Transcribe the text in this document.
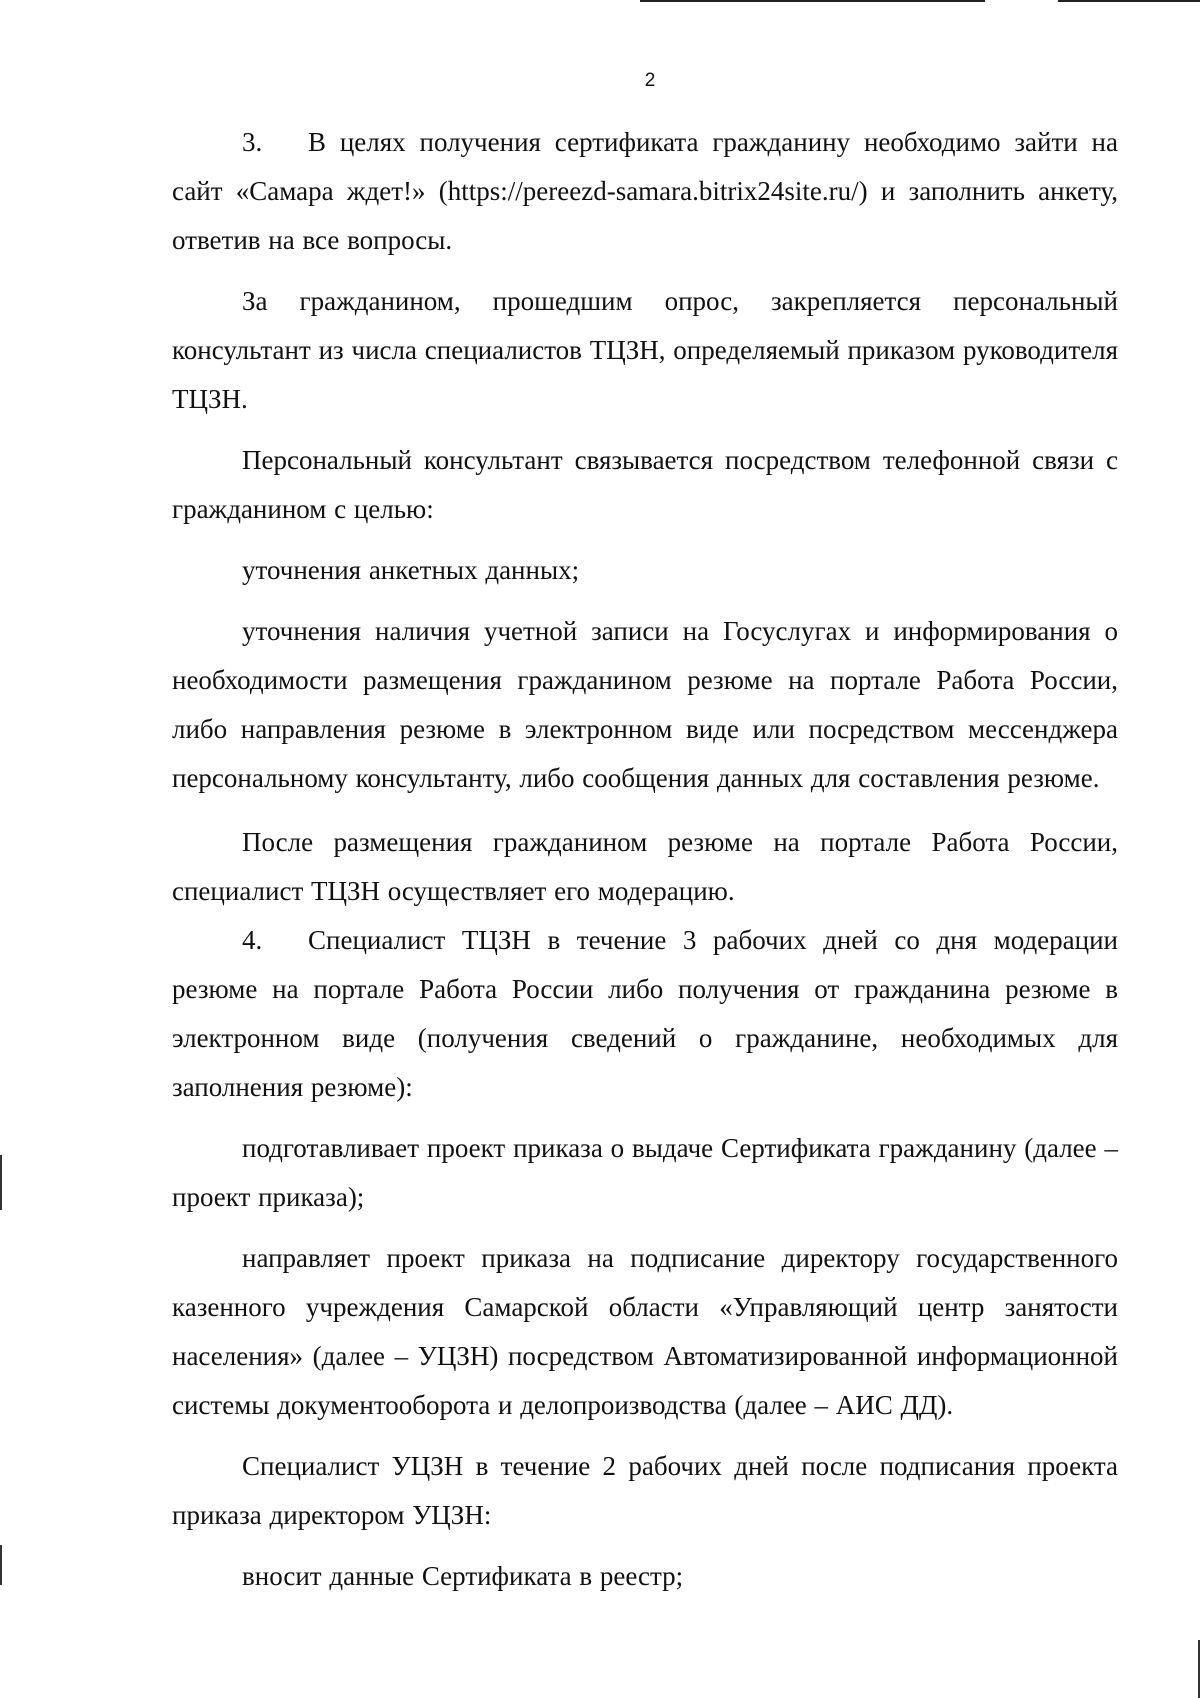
2

3. В целях получения сертификата гражданину необходимо зайти на сайт «Самара ждет!» (https://pereezd-samara.bitrix24site.ru/) и заполнить анкету, ответив на все вопросы.

За гражданином, прошедшим опрос, закрепляется персональный консультант из числа специалистов ТЦЗН, определяемый приказом руководителя ТЦЗН.

Персональный консультант связывается посредством телефонной связи с гражданином с целью:

уточнения анкетных данных;

уточнения наличия учетной записи на Госуслугах и информирования о необходимости размещения гражданином резюме на портале Работа России, либо направления резюме в электронном виде или посредством мессенджера персональному консультанту, либо сообщения данных для составления резюме.

После размещения гражданином резюме на портале Работа России, специалист ТЦЗН осуществляет его модерацию.

4. Специалист ТЦЗН в течение 3 рабочих дней со дня модерации резюме на портале Работа России либо получения от гражданина резюме в электронном виде (получения сведений о гражданине, необходимых для заполнения резюме):

подготавливает проект приказа о выдаче Сертификата гражданину (далее – проект приказа);

направляет проект приказа на подписание директору государственного казенного учреждения Самарской области «Управляющий центр занятости населения» (далее – УЦЗН) посредством Автоматизированной информационной системы документооборота и делопроизводства (далее – АИС ДД).

Специалист УЦЗН в течение 2 рабочих дней после подписания проекта приказа директором УЦЗН:

вносит данные Сертификата в реестр;
